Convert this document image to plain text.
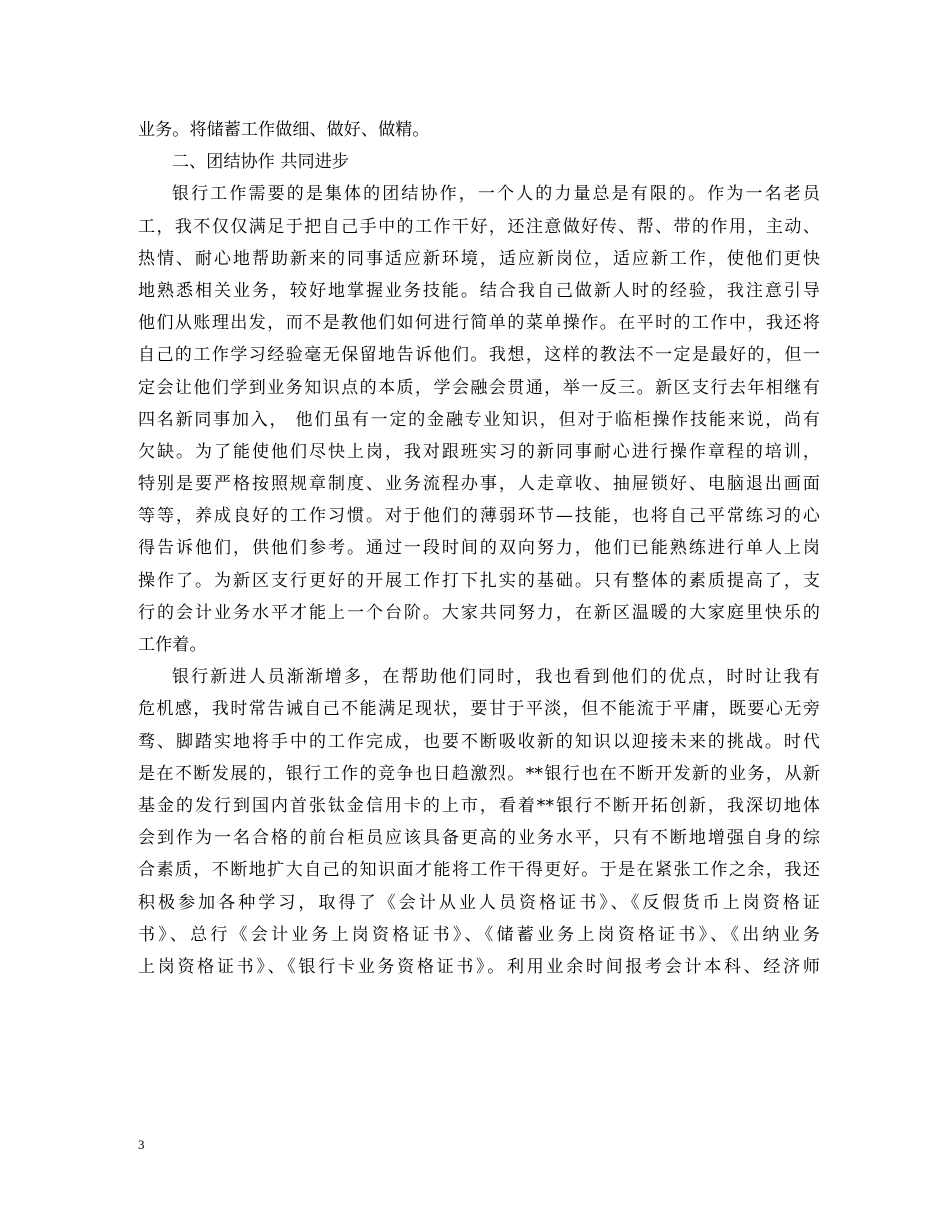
业务。将储蓄工作做细、做好、做精。
二、团结协作 共同进步
银行工作需要的是集体的团结协作，一个人的力量总是有限的。作为一名老员
工，我不仅仅满足于把自己手中的工作干好，还注意做好传、帮、带的作用，主动、
热情、耐心地帮助新来的同事适应新环境，适应新岗位，适应新工作，使他们更快
地熟悉相关业务，较好地掌握业务技能。结合我自己做新人时的经验，我注意引导
他们从账理出发，而不是教他们如何进行简单的菜单操作。在平时的工作中，我还将
自己的工作学习经验毫无保留地告诉他们。我想，这样的教法不一定是最好的，但一
定会让他们学到业务知识点的本质，学会融会贯通，举一反三。新区支行去年相继有
四名新同事加入， 他们虽有一定的金融专业知识，但对于临柜操作技能来说，尚有
欠缺。为了能使他们尽快上岗，我对跟班实习的新同事耐心进行操作章程的培训，
特别是要严格按照规章制度、业务流程办事，人走章收、抽屉锁好、电脑退出画面
等等，养成良好的工作习惯。对于他们的薄弱环节—技能，也将自己平常练习的心
得告诉他们，供他们参考。通过一段时间的双向努力，他们已能熟练进行单人上岗
操作了。为新区支行更好的开展工作打下扎实的基础。只有整体的素质提高了，支
行的会计业务水平才能上一个台阶。大家共同努力，在新区温暖的大家庭里快乐的
工作着。
银行新进人员渐渐增多，在帮助他们同时，我也看到他们的优点，时时让我有
危机感，我时常告诫自己不能满足现状，要甘于平淡，但不能流于平庸，既要心无旁
骛、脚踏实地将手中的工作完成，也要不断吸收新的知识以迎接未来的挑战。时代
是在不断发展的，银行工作的竞争也日趋激烈。**银行也在不断开发新的业务，从新
基金的发行到国内首张钛金信用卡的上市，看着**银行不断开拓创新，我深切地体
会到作为一名合格的前台柜员应该具备更高的业务水平，只有不断地增强自身的综
合素质，不断地扩大自己的知识面才能将工作干得更好。于是在紧张工作之余，我还
积极参加各种学习，取得了《会计从业人员资格证书》、《反假货币上岗资格证
书》、总行《会计业务上岗资格证书》、《储蓄业务上岗资格证书》、《出纳业务
上岗资格证书》、《银行卡业务资格证书》。利用业余时间报考会计本科、经济师
3
